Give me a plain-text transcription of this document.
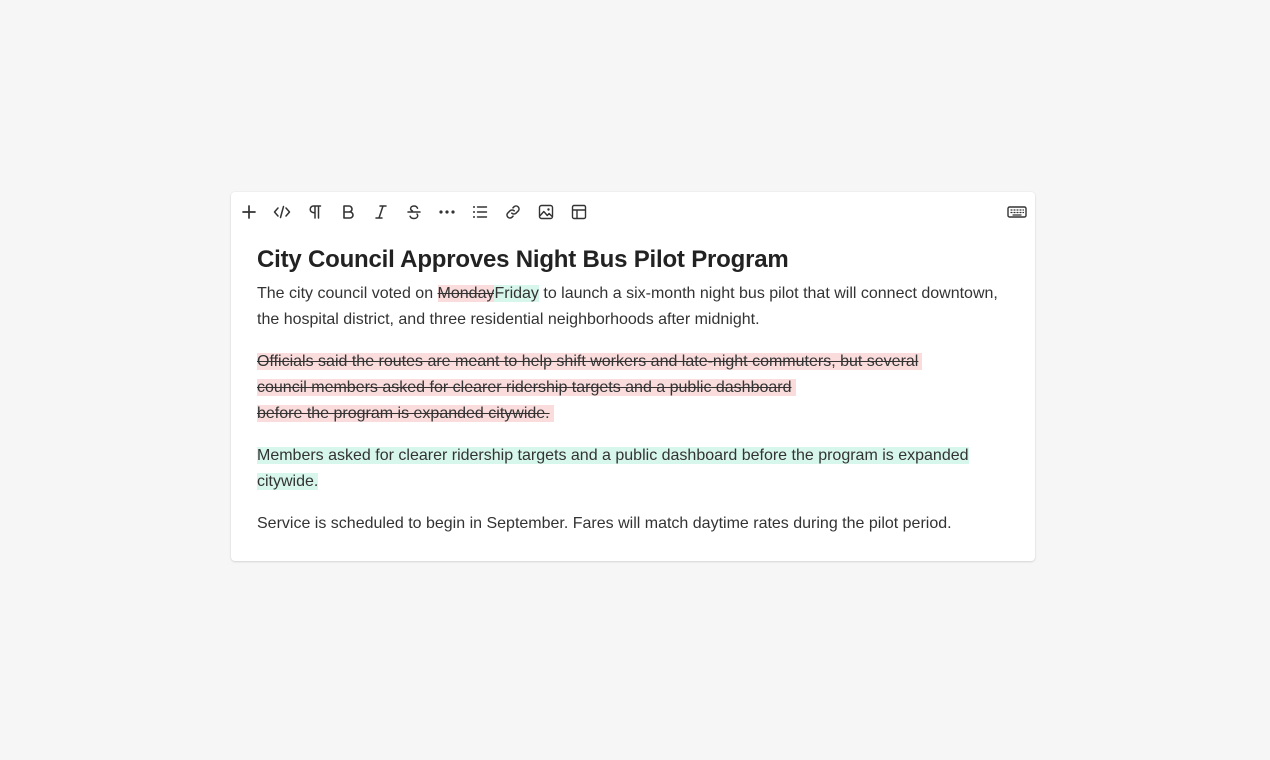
City Council Approves Night Bus Pilot Program

The city council voted on MondayFriday to launch a six-month night bus pilot that will connect downtown, the hospital district, and three residential neighborhoods after midnight.

Officials said the routes are meant to help shift workers and late-night commuters, but several
council members asked for clearer ridership targets and a public dashboard
before the program is expanded citywide.

Members asked for clearer ridership targets and a public dashboard before the program is expanded citywide.

Service is scheduled to begin in September. Fares will match daytime rates during the pilot period.
